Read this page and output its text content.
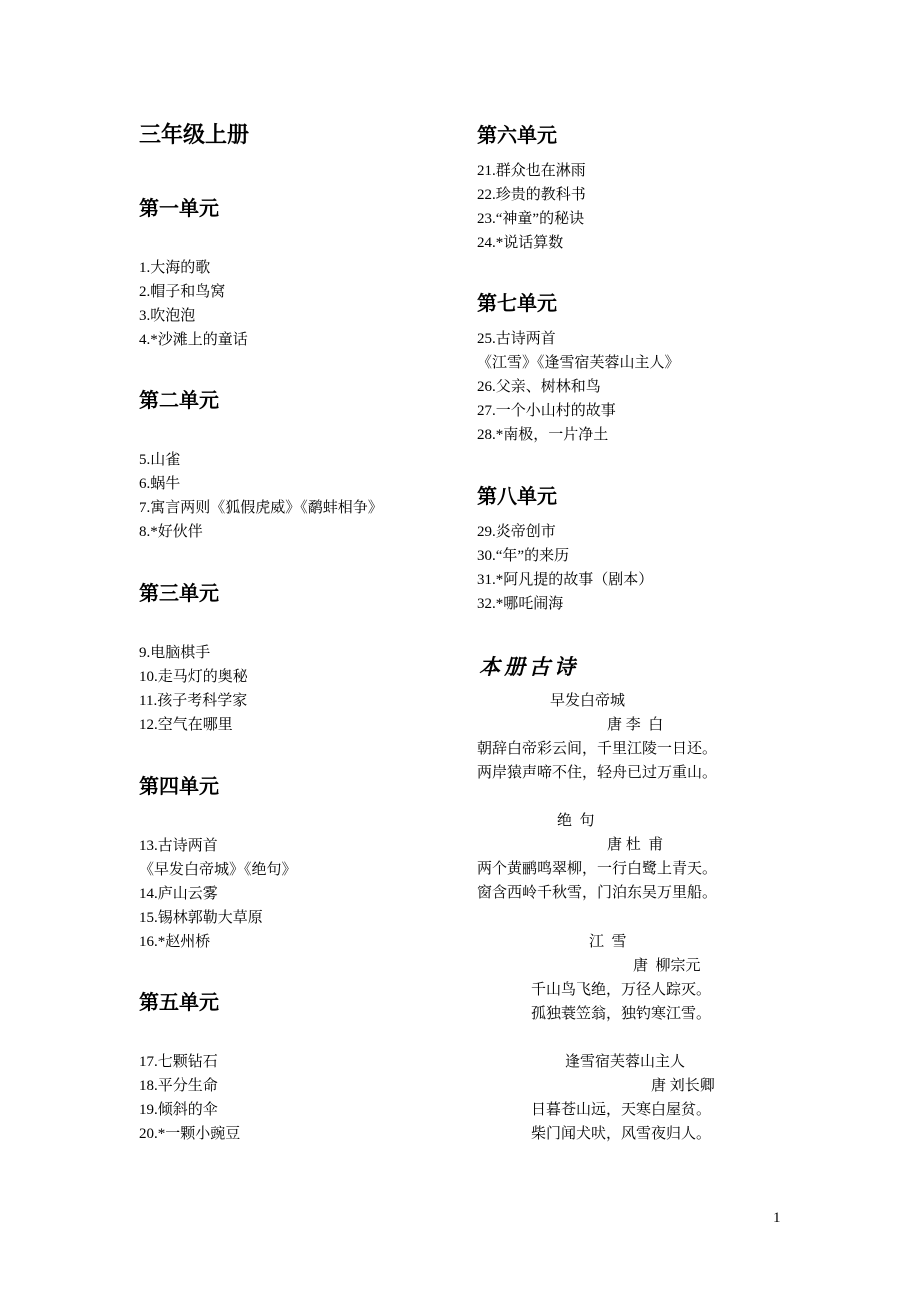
三年级上册
第一单元
1.大海的歌
2.帽子和鸟窝
3.吹泡泡
4.*沙滩上的童话
第二单元
5.山雀
6.蜗牛
7.寓言两则《狐假虎威》《鹬蚌相争》
8.*好伙伴
第三单元
9.电脑棋手
10.走马灯的奥秘
11.孩子考科学家
12.空气在哪里
第四单元
13.古诗两首
《早发白帝城》《绝句》
14.庐山云雾
15.锡林郭勒大草原
16.*赵州桥
第五单元
17.七颗钻石
18.平分生命
19.倾斜的伞
20.*一颗小豌豆
第六单元
21.群众也在淋雨
22.珍贵的教科书
23.“神童”的秘诀
24.*说话算数
第七单元
25.古诗两首
《江雪》《逢雪宿芙蓉山主人》
26.父亲、树林和鸟
27.一个小山村的故事
28.*南极，一片净土
第八单元
29.炎帝创市
30.“年”的来历
31.*阿凡提的故事（剧本）
32.*哪吒闹海
本册古诗
早发白帝城
唐 李  白
朝辞白帝彩云间，千里江陵一日还。
两岸猿声啼不住，轻舟已过万重山。
绝  句
唐 杜  甫
两个黄鹂鸣翠柳，一行白鹭上青天。
窗含西岭千秋雪，门泊东吴万里船。
江  雪
唐  柳宗元
千山鸟飞绝，万径人踪灭。
孤独蓑笠翁，独钓寒江雪。
逢雪宿芙蓉山主人
唐 刘长卿
日暮苍山远，天寒白屋贫。
柴门闻犬吠，风雪夜归人。
1
